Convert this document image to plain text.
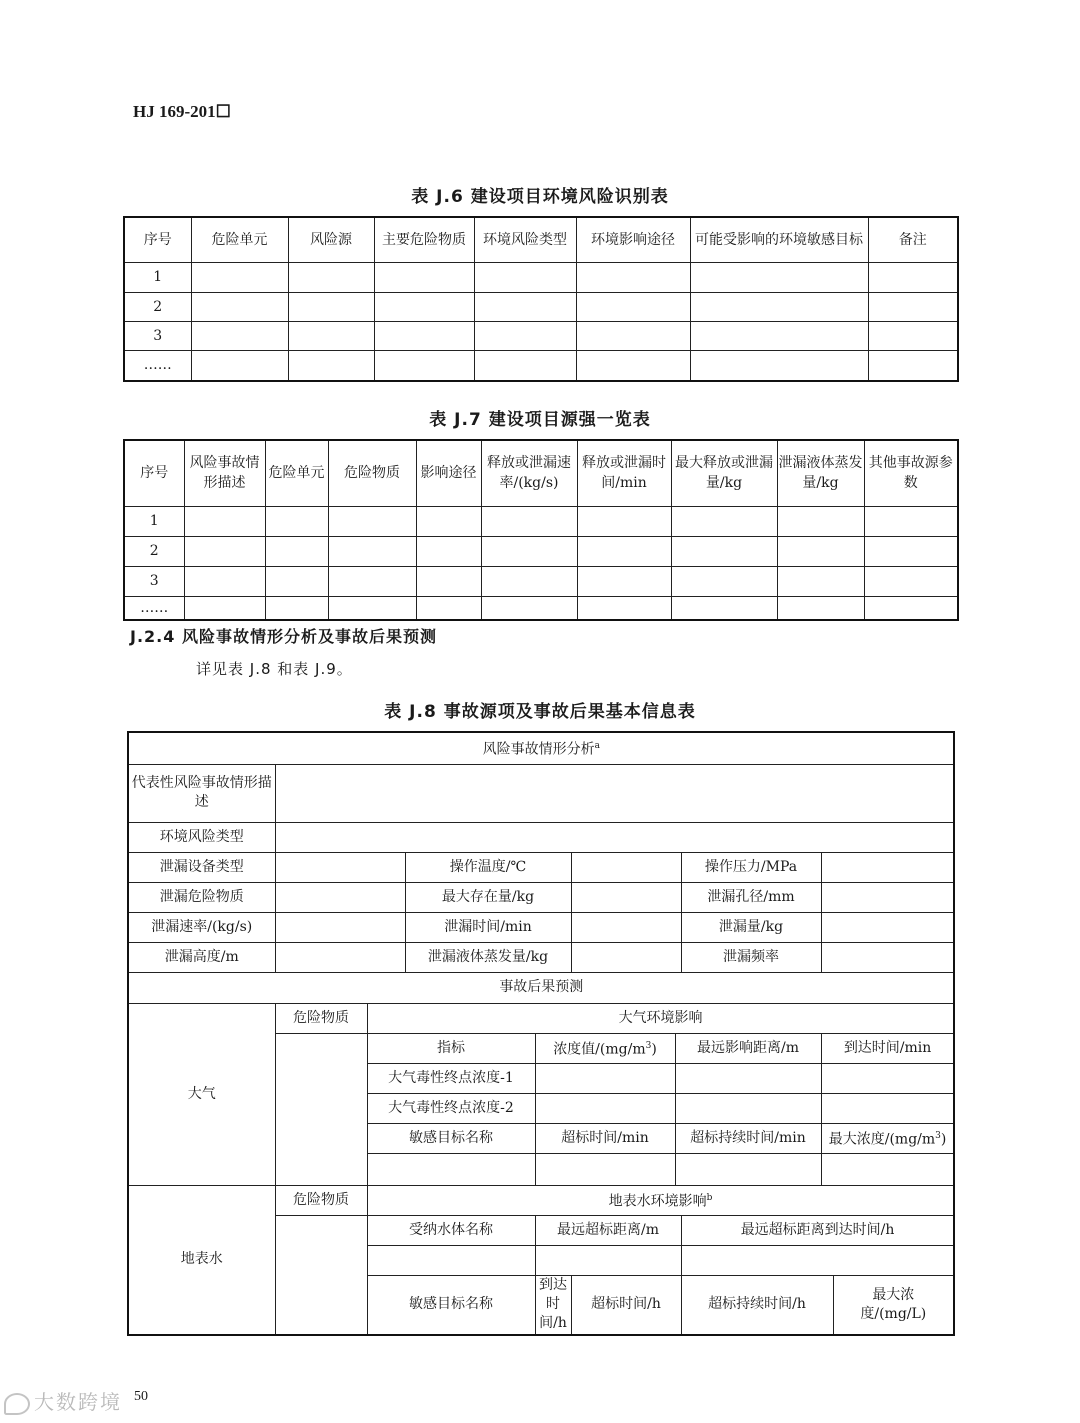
HJ 169-201☐
表 J.6 建设项目环境风险识别表
序号	危险单元	风险源	主要危险物质	环境风险类型	环境影响途径	可能受影响的环境敏感目标	备注
1							
2							
3							
……							
表 J.7 建设项目源强一览表
序号	风险事故情形描述	危险单元	危险物质	影响途径	释放或泄漏速率/(kg/s)	释放或泄漏时间/min	最大释放或泄漏量/kg	泄漏液体蒸发量/kg	其他事故源参数
1									
2									
3									
……									
J.2.4 风险事故情形分析及事故后果预测
详见表 J.8 和表 J.9。
表 J.8 事故源项及事故后果基本信息表
风险事故情形分析$^a$
代表性风险事故情形描述									
环境风险类型									
泄漏设备类型			操作温度/℃				操作压力/MPa		
泄漏危险物质			最大存在量/kg				泄漏孔径/mm		
泄漏速率/(kg/s)			泄漏时间/min				泄漏量/kg		
泄漏高度/m			泄漏液体蒸发量/kg				泄漏频率		
事故后果预测									
大气	危险物质	大气环境影响							
		指标		浓度值$/(mg/m^3)$		最远影响距离/m		到达时间/min	
		大气毒性终点浓度-1							
		大气毒性终点浓度-2							
		敏感目标名称		超标时间/min		超标持续时间/min		最大浓度$/(mg/m^3)$	

地表水	危险物质	地表水环境影响$^b$
		受纳水体名称		最远超标距离/m			最远超标距离到达时间/h		

		敏感目标名称		到达时间/h	超标时间/h		超标持续时间/h		最大浓度/(mg/L)
50
大数跨境
